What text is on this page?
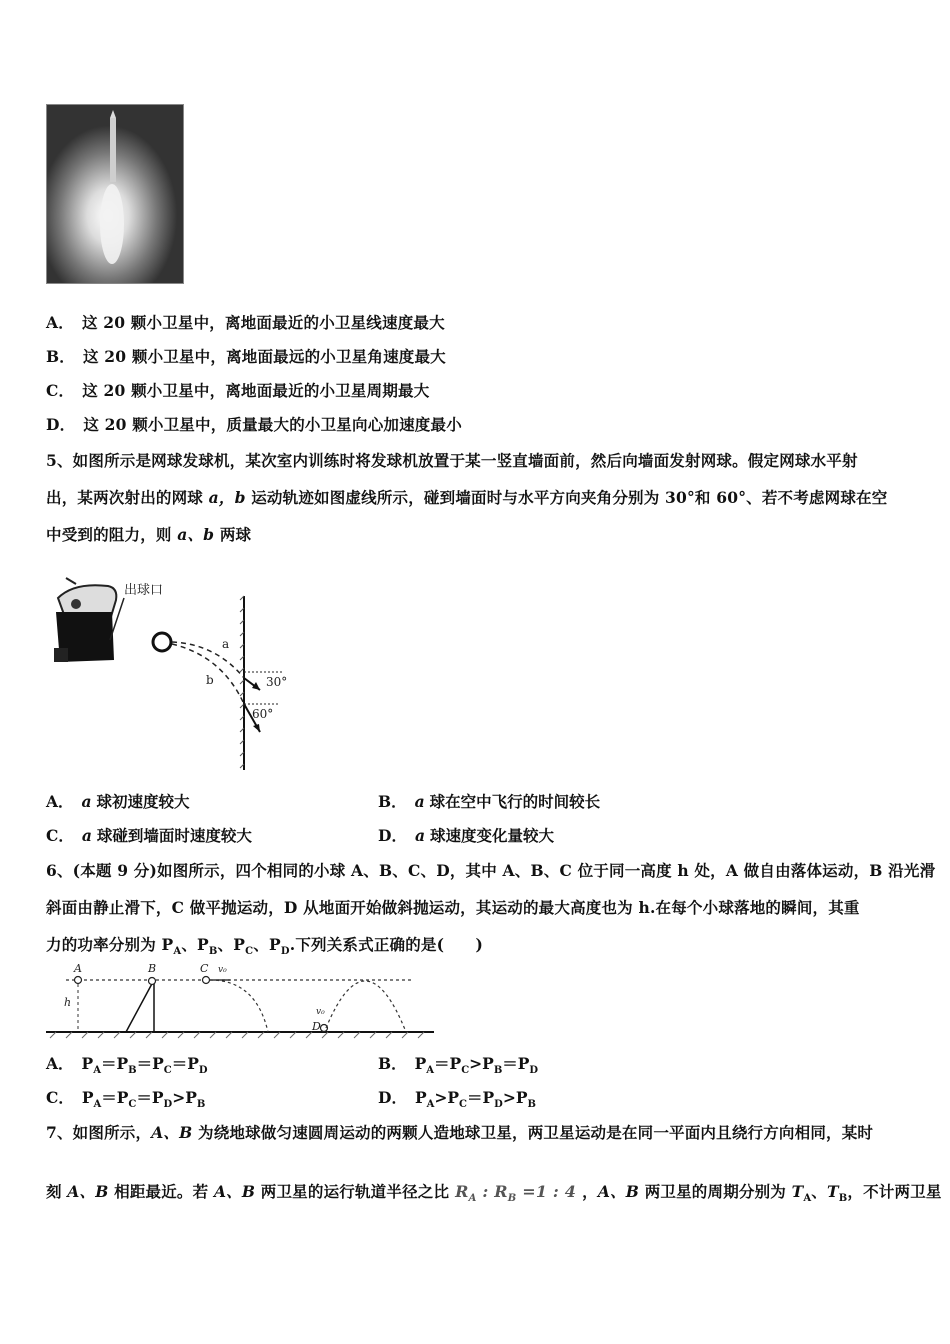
A． 这 20 颗小卫星中，离地面最近的小卫星线速度最大
B． 这 20 颗小卫星中，离地面最远的小卫星角速度最大
C． 这 20 颗小卫星中，离地面最近的小卫星周期最大
D． 这 20 颗小卫星中，质量最大的小卫星向心加速度最小
5、如图所示是网球发球机，某次室内训练时将发球机放置于某一竖直墙面前，然后向墙面发射网球。假定网球水平射
出，某两次射出的网球 a，b 运动轨迹如图虚线所示，碰到墙面时与水平方向夹角分别为 30°和 60°、若不考虑网球在空
中受到的阻力，则 a、b 两球
出球口
a
b	30°
60°
A． a 球初速度较大	B． a 球在空中飞行的时间较长
C． a 球碰到墙面时速度较大	D． a 球速度变化量较大
6、(本题 9 分)如图所示，四个相同的小球 A、B、C、D，其中 A、B、C 位于同一高度 h 处，A 做自由落体运动，B 沿光滑
斜面由静止滑下，C 做平抛运动，D 从地面开始做斜抛运动，其运动的最大高度也为 h.在每个小球落地的瞬间，其重
力的功率分别为 $P_A$、$P_B$、$P_C$、$P_D$.下列关系式正确的是(　　)
A
h
B	C v₀
D
v₀
A． $P_A=P_B=P_C=P_D$	B． $P_A=P_C>P_B=P_D$
C． $P_A=P_C=P_D>P_B$	D． $P_A>P_C=P_D>P_B$
7、如图所示，A、B 为绕地球做匀速圆周运动的两颗人造地球卫星，两卫星运动是在同一平面内且绕行方向相同，某时
刻 A、B 相距最近。若 A、B 两卫星的运行轨道半径之比 $R_A$ : $R_B =1$ : 4 ，A、B 两卫星的周期分别为 $T_A$、$T_B$，不计两卫星
